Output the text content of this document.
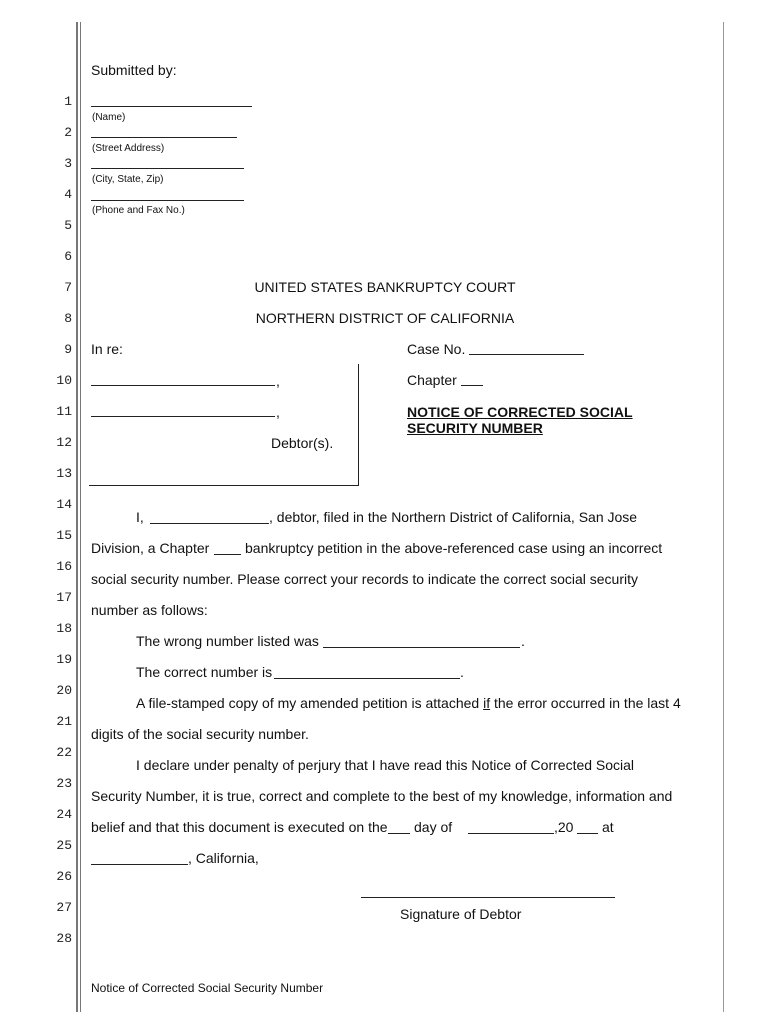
1
2
3
4
5
6
7
8
9
10
11
12
13
14
15
16
17
18
19
20
21
22
23
24
25
26
27
28
Submitted by:
(Name)
(Street Address)
(City, State, Zip)
(Phone and Fax No.)
UNITED STATES BANKRUPTCY COURT
NORTHERN DISTRICT OF CALIFORNIA
In re:
,
,
Debtor(s).
Case No.
Chapter
NOTICE OF CORRECTED SOCIAL
SECURITY NUMBER
I,	, debtor, filed in the Northern District of California, San Jose
Division, a Chapter	bankruptcy petition in the above-referenced case using an incorrect
social security number. Please correct your records to indicate the correct social security
number as follows:
The wrong number listed was	.
The correct number is	.
A file-stamped copy of my amended petition is attached if the error occurred in the last 4
digits of the social security number.
I declare under penalty of perjury that I have read this Notice of Corrected Social
Security Number, it is true, correct and complete to the best of my knowledge, information and
belief and that this document is executed on the day of	,20 at
, California,
Signature of Debtor
Notice of Corrected Social Security Number
